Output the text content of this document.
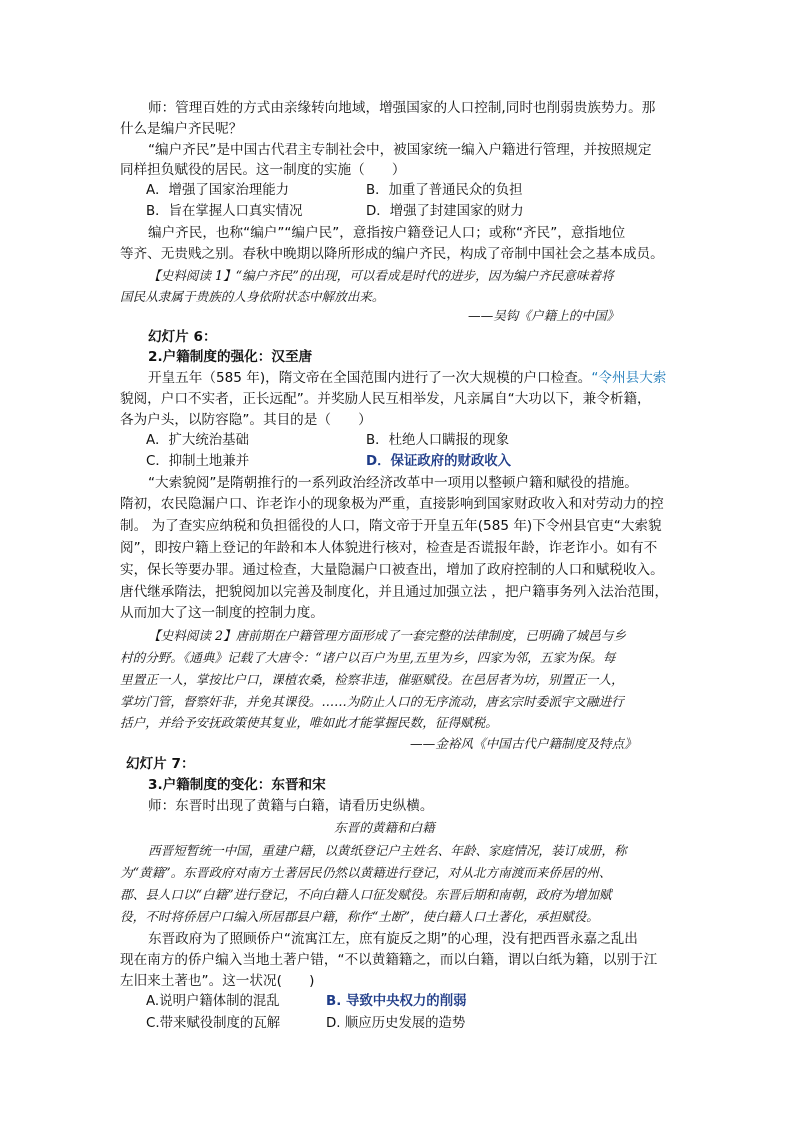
师：管理百姓的方式由亲缘转向地域，增强国家的人口控制,同时也削弱贵族势力。那
什么是编户齐民呢？
“编户齐民”是中国古代君主专制社会中，被国家统一编入户籍进行管理，并按照规定
同样担负赋役的居民。这一制度的实施（　　）
A．增强了国家治理能力	B．加重了普通民众的负担
B．旨在掌握人口真实情况	D．增强了封建国家的财力
编户齐民，也称“编户”“编户民”，意指按户籍登记人口；或称“齐民”，意指地位
等齐、无贵贱之别。春秋中晚期以降所形成的编户齐民，构成了帝制中国社会之基本成员。
【史料阅读 1】“编户齐民”的出现，可以看成是时代的进步，因为编户齐民意味着将
国民从隶属于贵族的人身依附状态中解放出来。
——吴钩《户籍上的中国》
幻灯片 6：
2.户籍制度的强化：汉至唐
开皇五年（585 年)，隋文帝在全国范围内进行了一次大规模的户口检查。“令州县大索
貌阅，户口不实者，正长远配”。并奖励人民互相举发，凡亲属自“大功以下，兼令析籍，
各为户头，以防容隐”。其目的是（　　）
A．扩大统治基础	B．杜绝人口瞒报的现象
C．抑制土地兼并	D．保证政府的财政收入
“大索貌阅”是隋朝推行的一系列政治经济改革中一项用以整顿户籍和赋役的措施。
隋初，农民隐漏户口、诈老诈小的现象极为严重，直接影响到国家财政收入和对劳动力的控
制。 为了查实应纳税和负担徭役的人口，隋文帝于开皇五年(585 年)下令州县官吏“大索貌
阅”，即按户籍上登记的年龄和本人体貌进行核对，检查是否谎报年龄，诈老诈小。如有不
实，保长等要办罪。通过检查，大量隐漏户口被查出，增加了政府控制的人口和赋税收入。
唐代继承隋法，把貌阅加以完善及制度化，并且通过加强立法 ，把户籍事务列入法治范围，
从而加大了这一制度的控制力度。
【史料阅读 2】唐前期在户籍管理方面形成了一套完整的法律制度，已明确了城邑与乡
村的分野。《通典》记载了大唐令：“诸户以百户为里,五里为乡，四家为邻，五家为保。每
里置正一人，掌按比户口，课植农桑，检察非违，催驱赋役。在邑居者为坊，别置正一人，
掌坊门管，督察奸非，并免其课役。……为防止人口的无序流动，唐玄宗时委派宇文融进行
括户，并给予安抚政策使其复业，唯如此才能掌握民数，征得赋税。
——金裕风《中国古代户籍制度及特点》
幻灯片 7：
3.户籍制度的变化：东晋和宋
师：东晋时出现了黄籍与白籍，请看历史纵横。
东晋的黄籍和白籍
西晋短暂统一中国，重建户籍，以黄纸登记户主姓名、年龄、家庭情况，装订成册，称
为“黄籍”。东晋政府对南方土著居民仍然以黄籍进行登记，对从北方南渡而来侨居的州、
郡、县人口以“白籍”进行登记，不向白籍人口征发赋役。东晋后期和南朝，政府为增加赋
役，不时将侨居户口编入所居郡县户籍，称作“土断”，使白籍人口土著化，承担赋役。
东晋政府为了照顾侨户“流寓江左，庶有旋反之期”的心理，没有把西晋永嘉之乱出
现在南方的侨户编入当地土著户错，“不以黄籍籍之，而以白籍，谓以白纸为籍，以别于江
左旧来土著也”。这一状况(　　)
A.说明户籍体制的混乱	B. 导致中央权力的削弱
C.带来赋役制度的瓦解	D. 顺应历史发展的造势
